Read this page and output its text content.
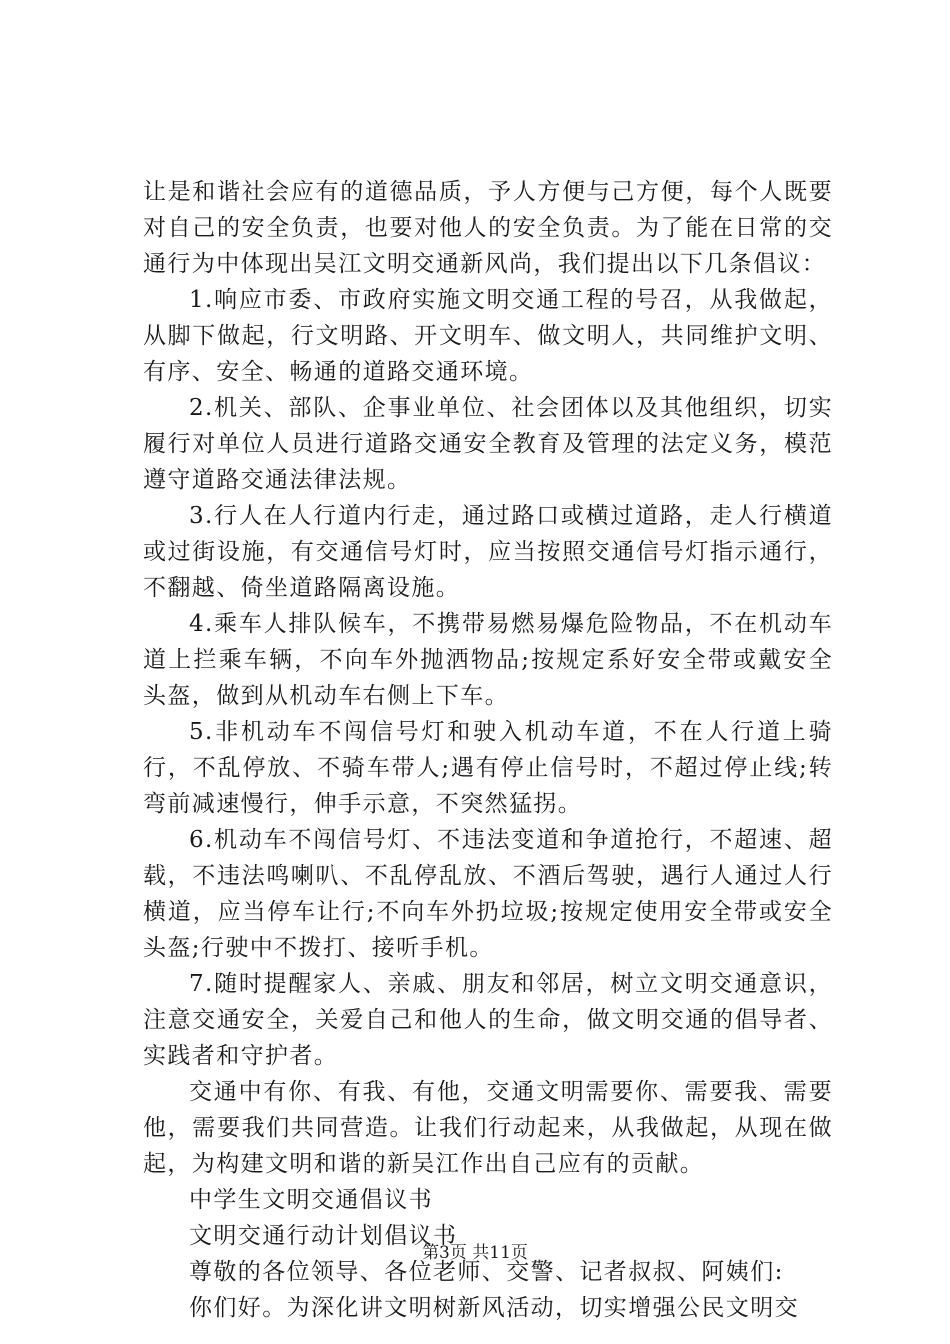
让是和谐社会应有的道德品质，予人方便与己方便，每个人既要对自己的安全负责，也要对他人的安全负责。为了能在日常的交通行为中体现出吴江文明交通新风尚，我们提出以下几条倡议：

1.响应市委、市政府实施文明交通工程的号召，从我做起，从脚下做起，行文明路、开文明车、做文明人，共同维护文明、有序、安全、畅通的道路交通环境。

2.机关、部队、企事业单位、社会团体以及其他组织，切实履行对单位人员进行道路交通安全教育及管理的法定义务，模范遵守道路交通法律法规。

3.行人在人行道内行走，通过路口或横过道路，走人行横道或过街设施，有交通信号灯时，应当按照交通信号灯指示通行，不翻越、倚坐道路隔离设施。

4.乘车人排队候车，不携带易燃易爆危险物品，不在机动车道上拦乘车辆，不向车外抛洒物品;按规定系好安全带或戴安全头盔，做到从机动车右侧上下车。

5.非机动车不闯信号灯和驶入机动车道，不在人行道上骑行，不乱停放、不骑车带人;遇有停止信号时，不超过停止线;转弯前减速慢行，伸手示意，不突然猛拐。

6.机动车不闯信号灯、不违法变道和争道抢行，不超速、超载，不违法鸣喇叭、不乱停乱放、不酒后驾驶，遇行人通过人行横道，应当停车让行;不向车外扔垃圾;按规定使用安全带或安全头盔;行驶中不拨打、接听手机。

7.随时提醒家人、亲戚、朋友和邻居，树立文明交通意识，注意交通安全，关爱自己和他人的生命，做文明交通的倡导者、实践者和守护者。

交通中有你、有我、有他，交通文明需要你、需要我、需要他，需要我们共同营造。让我们行动起来，从我做起，从现在做起，为构建文明和谐的新吴江作出自己应有的贡献。

中学生文明交通倡议书

文明交通行动计划倡议书

尊敬的各位领导、各位老师、交警、记者叔叔、阿姨们:

你们好。为深化讲文明树新风活动，切实增强公民文明交

第3页 共11页
